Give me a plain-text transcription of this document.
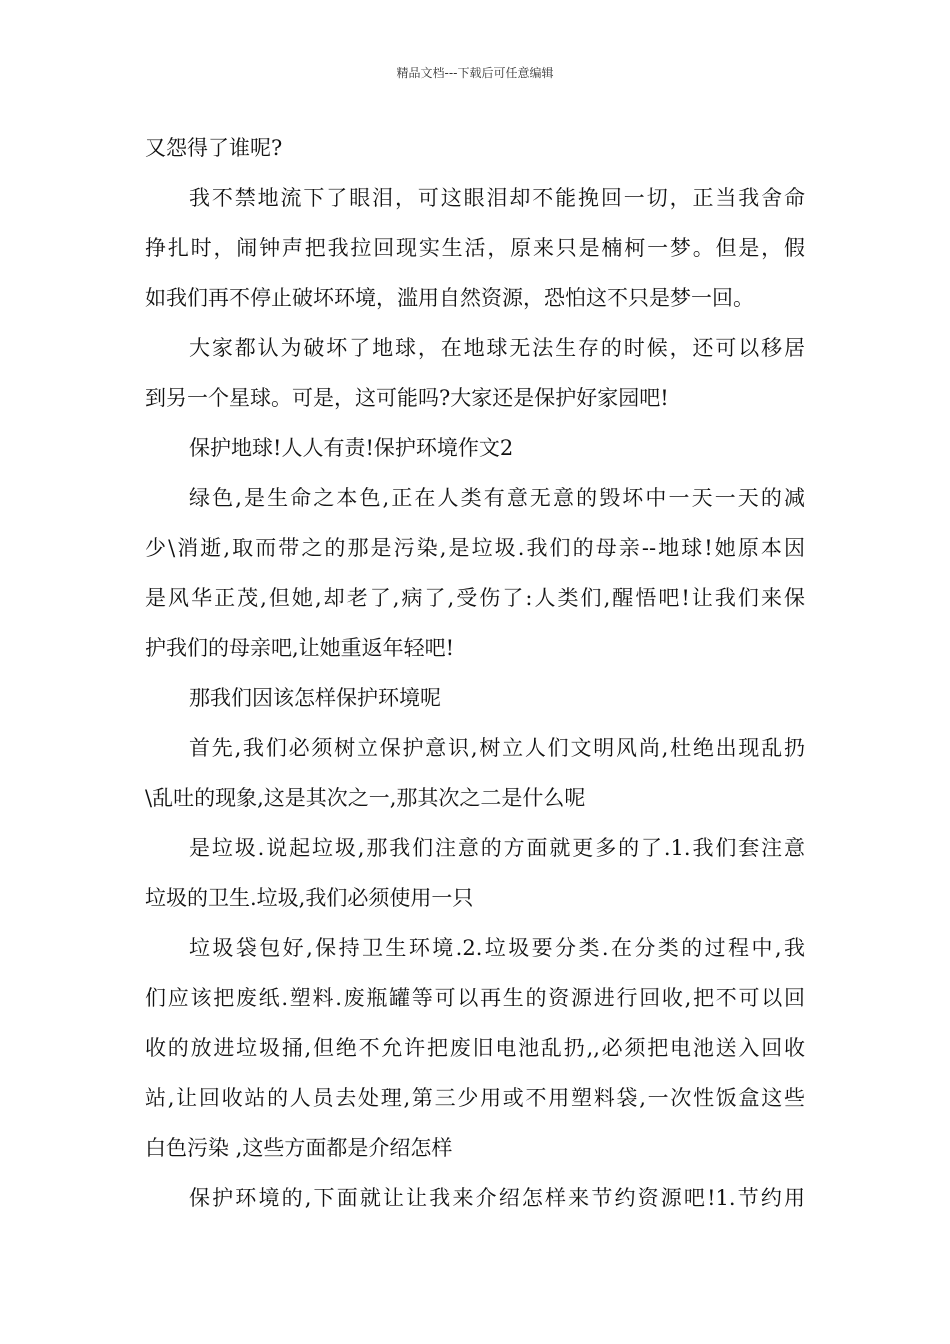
精品文档---下载后可任意编辑
又怨得了谁呢?
我不禁地流下了眼泪，可这眼泪却不能挽回一切，正当我舍命
挣扎时，闹钟声把我拉回现实生活，原来只是楠柯一梦。但是，假
如我们再不停止破坏环境，滥用自然资源，恐怕这不只是梦一回。
大家都认为破坏了地球，在地球无法生存的时候，还可以移居
到另一个星球。可是，这可能吗?大家还是保护好家园吧!
保护地球!人人有责!保护环境作文2
绿色,是生命之本色,正在人类有意无意的毁坏中一天一天的减
少\消逝,取而带之的那是污染,是垃圾.我们的母亲--地球!她原本因
是风华正茂,但她,却老了,病了,受伤了:人类们,醒悟吧!让我们来保
护我们的母亲吧,让她重返年轻吧!
那我们因该怎样保护环境呢
首先,我们必须树立保护意识,树立人们文明风尚,杜绝出现乱扔
\乱吐的现象,这是其次之一,那其次之二是什么呢
是垃圾.说起垃圾,那我们注意的方面就更多的了.1.我们套注意
垃圾的卫生.垃圾,我们必须使用一只
垃圾袋包好,保持卫生环境.2.垃圾要分类.在分类的过程中,我
们应该把废纸.塑料.废瓶罐等可以再生的资源进行回收,把不可以回
收的放进垃圾捅,但绝不允许把废旧电池乱扔,,必须把电池送入回收
站,让回收站的人员去处理,第三少用或不用塑料袋,一次性饭盒这些
白色污染 ,这些方面都是介绍怎样
保护环境的,下面就让让我来介绍怎样来节约资源吧!1.节约用
